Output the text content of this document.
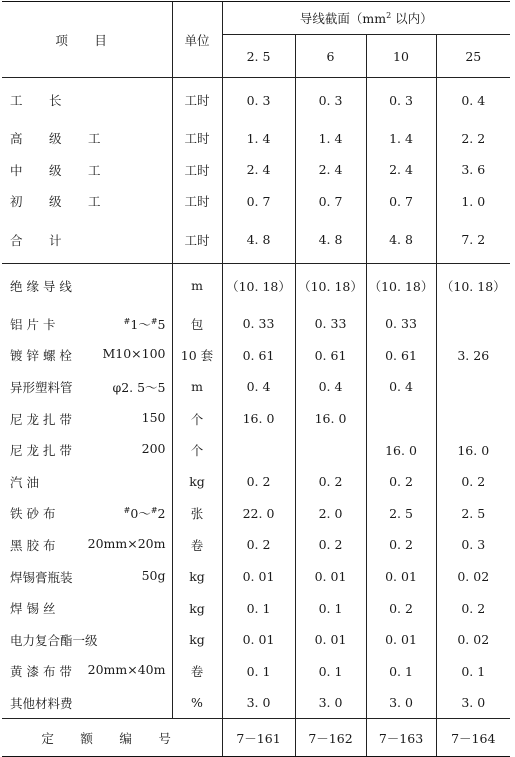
项 目	单位	导线截面（$mm^2$ 以内）			
		2. 5	6	10	25
工 长	工时	0. 3	0. 3	0. 3	0. 4
高 级 工	工时	1. 4	1. 4	1. 4	2. 2
中 级 工	工时	2. 4	2. 4	2. 4	3. 6
初 级 工	工时	0. 7	0. 7	0. 7	1. 0
合 计	工时	4. 8	4. 8	4. 8	7. 2

绝 缘 导 线	m	（10. 18）	（10. 18）	（10. 18）	（10. 18）

铝 片 卡 #1～#5	包	0. 33	0. 33	0. 33	

镀 锌 螺 栓 M10×100	10 套	0. 61	0. 61	0. 61	3. 26

异形塑料管 φ2. 5～5	m	0. 4	0. 4	0. 4	

尼 龙 扎 带 150	个	16. 0	16. 0		

尼 龙 扎 带 200	个			16. 0	16. 0

汽 油	kg	0. 2	0. 2	0. 2	0. 2

铁 砂 布 #0～#2	张	22. 0	2. 0	2. 5	2. 5

黑 胶 布 20mm×20m	卷	0. 2	0. 2	0. 2	0. 3

焊锡膏瓶装 50g	kg	0. 01	0. 01	0. 01	0. 02

焊 锡 丝	kg	0. 1	0. 1	0. 2	0. 2

电力复合酯一级	kg	0. 01	0. 01	0. 01	0. 02

黄 漆 布 带 20mm×40m	卷	0. 1	0. 1	0. 1	0. 1

其他材料费	%	3. 0	3. 0	3. 0	3. 0
定 额 编 号		7－161	7－162	7－163	7－164
